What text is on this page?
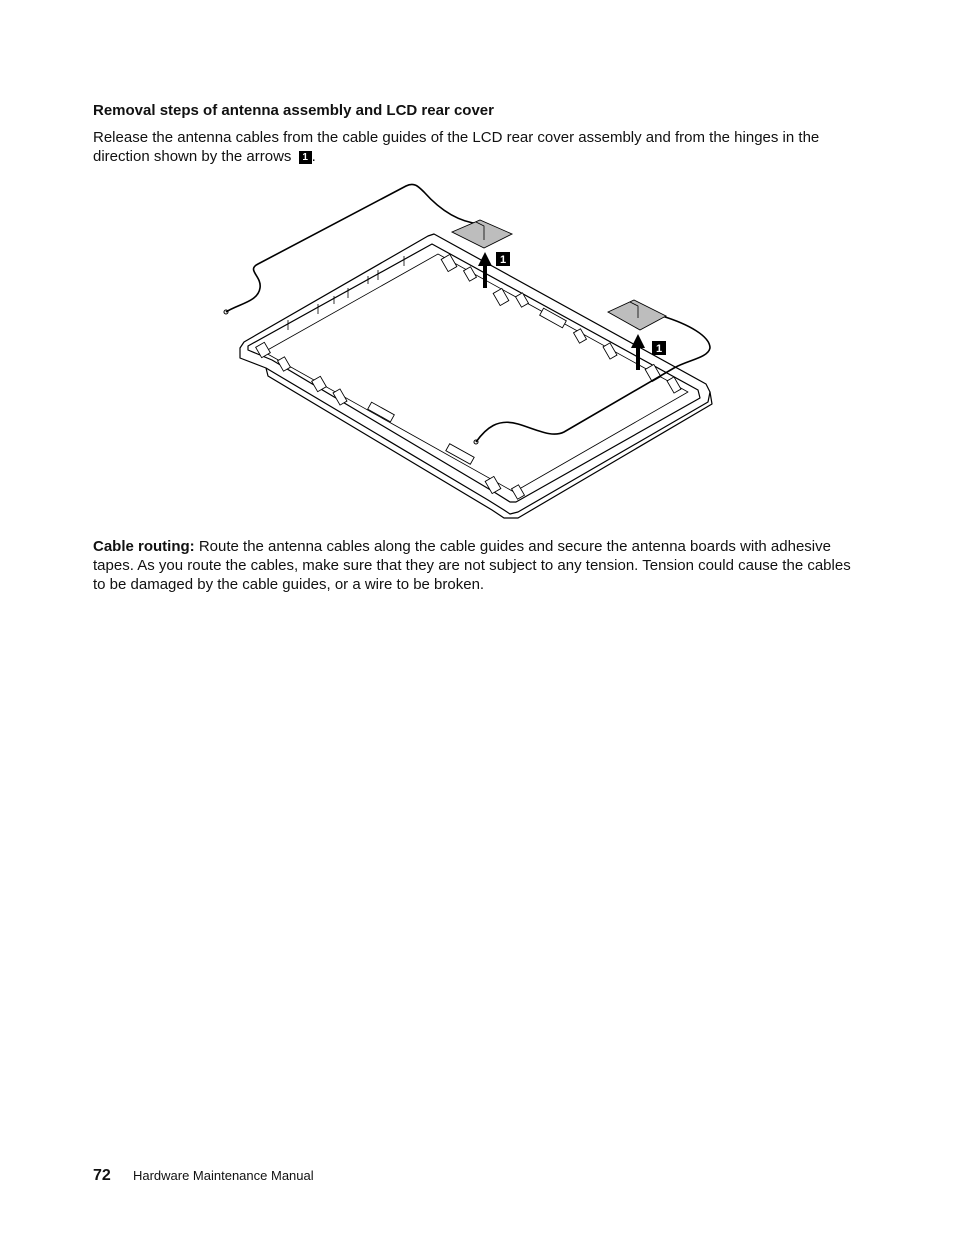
Removal steps of antenna assembly and LCD rear cover
Release the antenna cables from the cable guides of the LCD rear cover assembly and from the hinges in the direction shown by the arrows 1 .
1
1
Cable routing: Route the antenna cables along the cable guides and secure the antenna boards with adhesive tapes. As you route the cables, make sure that they are not subject to any tension. Tension could cause the cables to be damaged by the cable guides, or a wire to be broken.
72 Hardware Maintenance Manual
